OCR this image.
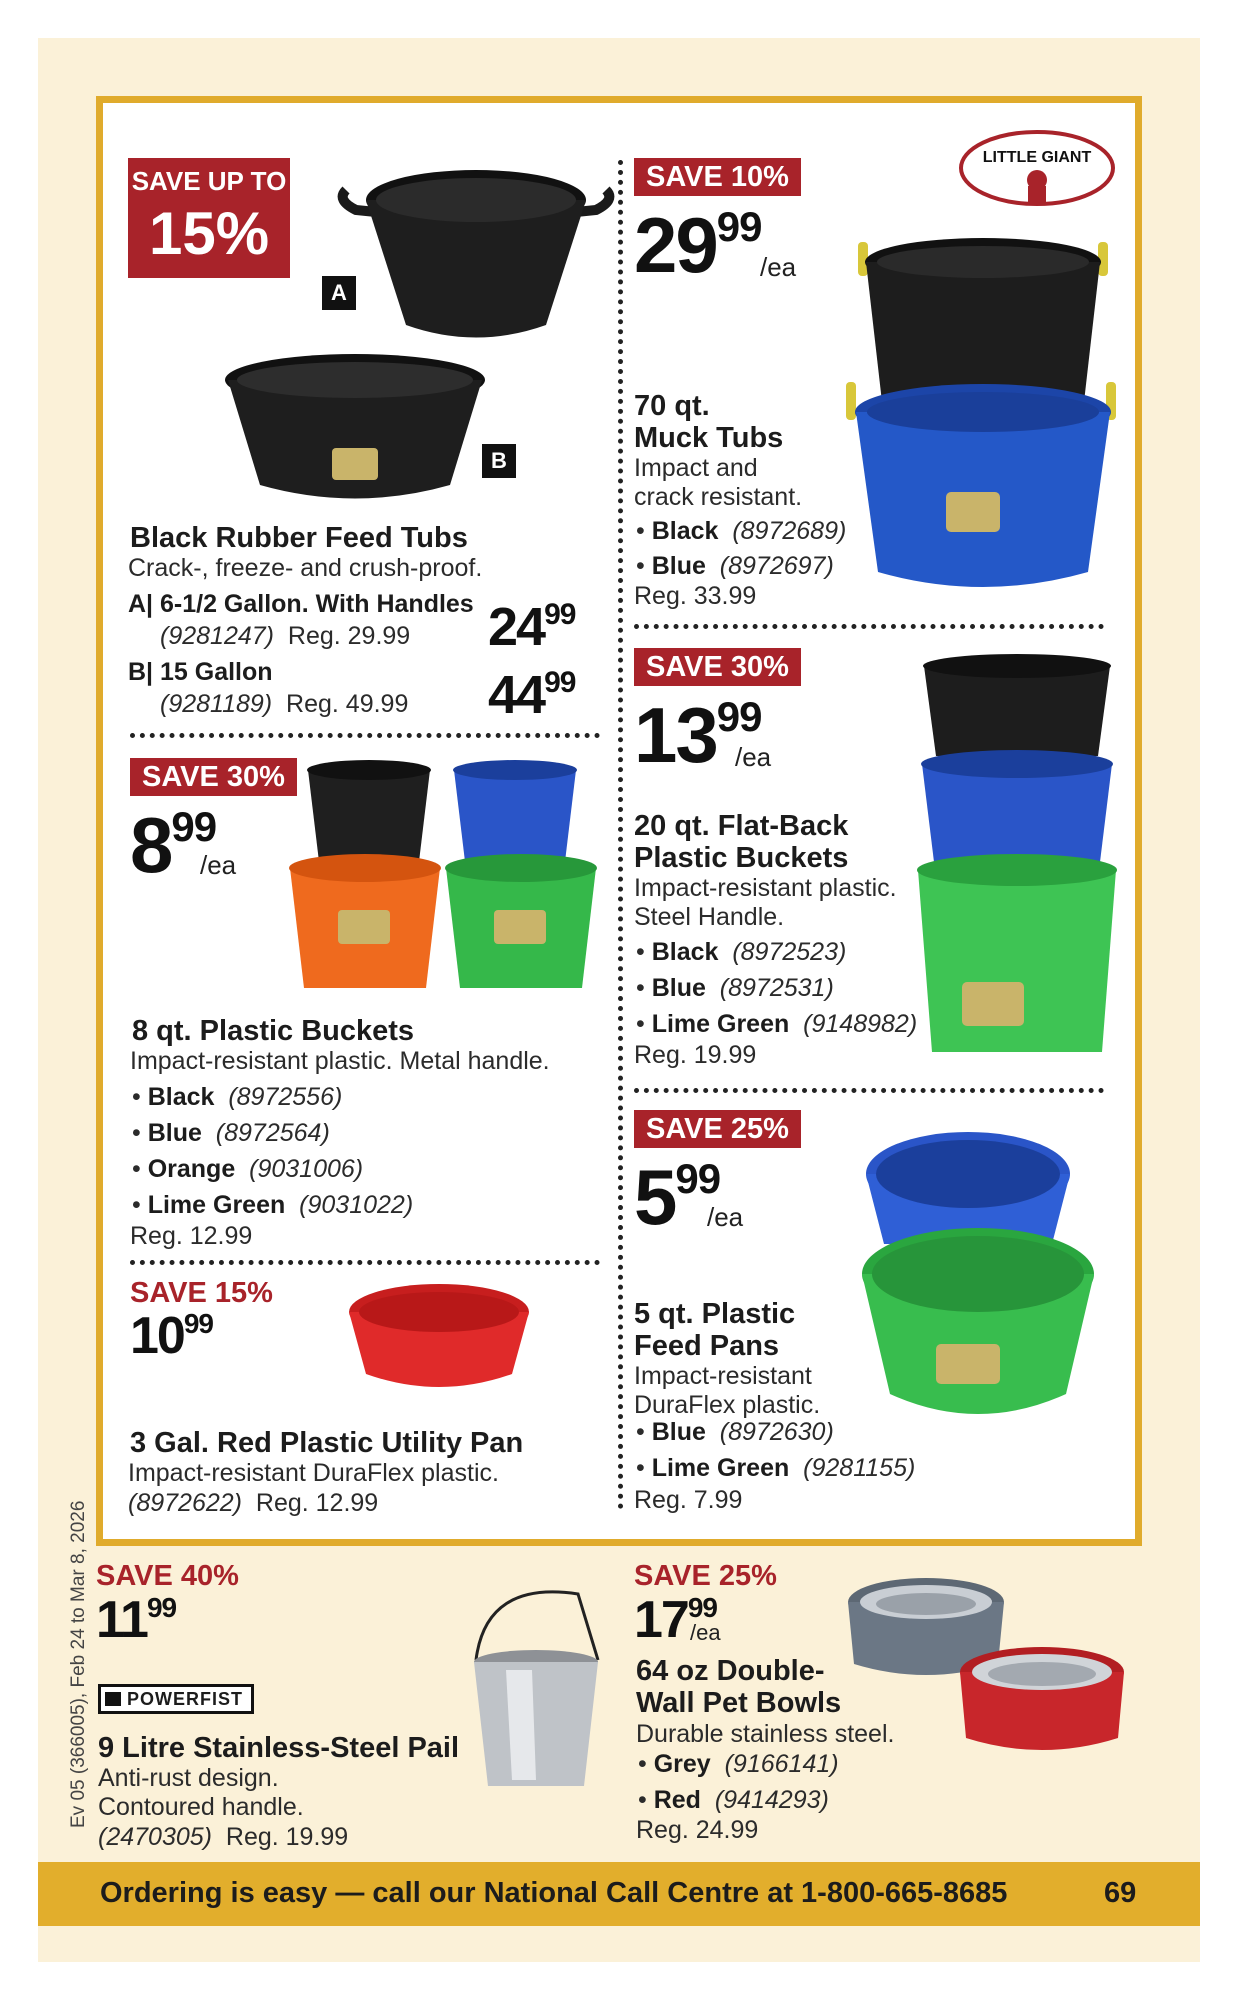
LITTLE GIANT
SAVE UP TO
15%
A
B
Black Rubber Feed Tubs
Crack-, freeze- and crush-proof.
A| 6-1/2 Gallon. With Handles
(9281247) Reg. 29.99 2499
B| 15 Gallon
(9281189) Reg. 49.99 4499
SAVE 10%
2999
/ea
70 qt.
Muck Tubs
Impact and
crack resistant.
• Black (8972689)
• Blue (8972697)
Reg. 33.99
SAVE 30%
899
/ea
8 qt. Plastic Buckets
Impact-resistant plastic. Metal handle.
• Black (8972556)
• Blue (8972564)
• Orange (9031006)
• Lime Green (9031022)
Reg. 12.99
SAVE 30%
1399
/ea
20 qt. Flat-Back
Plastic Buckets
Impact-resistant plastic.
Steel Handle.
• Black (8972523)
• Blue (8972531)
• Lime Green (9148982)
Reg. 19.99
SAVE 15%
1099
3 Gal. Red Plastic Utility Pan
Impact-resistant DuraFlex plastic.
(8972622) Reg. 12.99
SAVE 25%
599
/ea
5 qt. Plastic
Feed Pans
Impact-resistant
DuraFlex plastic.
• Blue (8972630)
• Lime Green (9281155)
Reg. 7.99
Ev 05 (366005), Feb 24 to Mar 8, 2026 SAVE 40%
1199
POWERFIST
9 Litre Stainless-Steel Pail
Anti-rust design.
Contoured handle.
(2470305) Reg. 19.99
SAVE 25%
1799
/ea
64 oz Double-
Wall Pet Bowls
Durable stainless steel.
• Grey (9166141)
• Red (9414293)
Reg. 24.99
Ordering is easy — call our National Call Centre at 1-800-665-8685	69
